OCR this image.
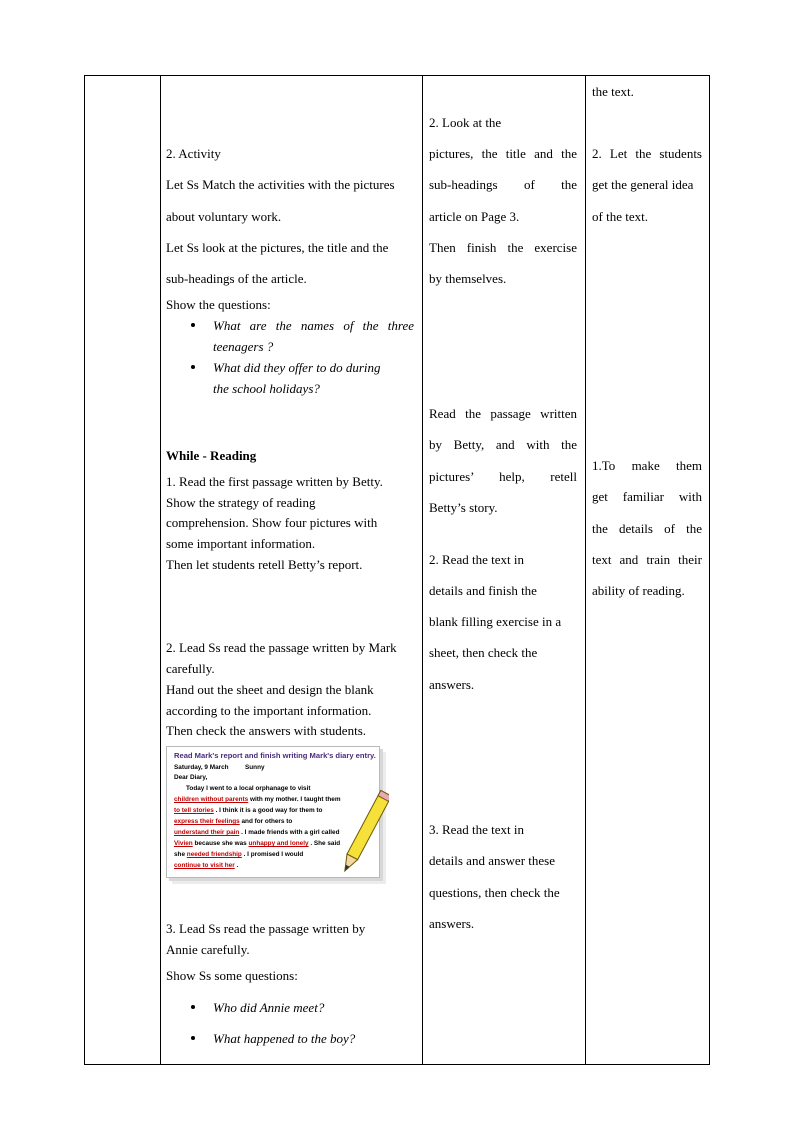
2. Activity
Let Ss Match the activities with the pictures
about voluntary work.
Let Ss look at the pictures, the title and the
sub-headings of the article.
Show the questions:
What are the names of the three
teenagers ?
What did they offer to do during
the school holidays?
While - Reading
1. Read the first passage written by Betty.
Show the strategy of reading
comprehension. Show four pictures with
some important information.
Then let students retell Betty’s report.
2. Lead Ss read the passage written by Mark
carefully.
Hand out the sheet and design the blank
according to the important information.
Then check the answers with students.
3. Lead Ss read the passage written by
Annie carefully.
Show Ss some questions:
Who did Annie meet?
What happened to the boy?
Read Mark's report and finish writing Mark's diary entry.
Saturday, 9 March	Sunny
Dear Diary,
Today I went to a local orphanage to visit
children without parents with my mother. I taught them
to tell stories . I think it is a good way for them to
express their feelings and for others to
understand their pain . I made friends with a girl called
Vivien because she was unhappy and lonely . She said
she needed friendship . I promised I would
continue to visit her .
2. Look at the
pictures, the title and the
sub-headings of the
article on Page 3.
Then finish the exercise
by themselves.
Read the passage written
by Betty, and with the
pictures’ help, retell
Betty’s story.
2. Read the text in
details and finish the
blank filling exercise in a
sheet, then check the
answers.
3. Read the text in
details and answer these
questions, then check the
answers.
the text.
2. Let the students
get the general idea
of the text.
1.To make them
get familiar with
the details of the
text and train their
ability of reading.
